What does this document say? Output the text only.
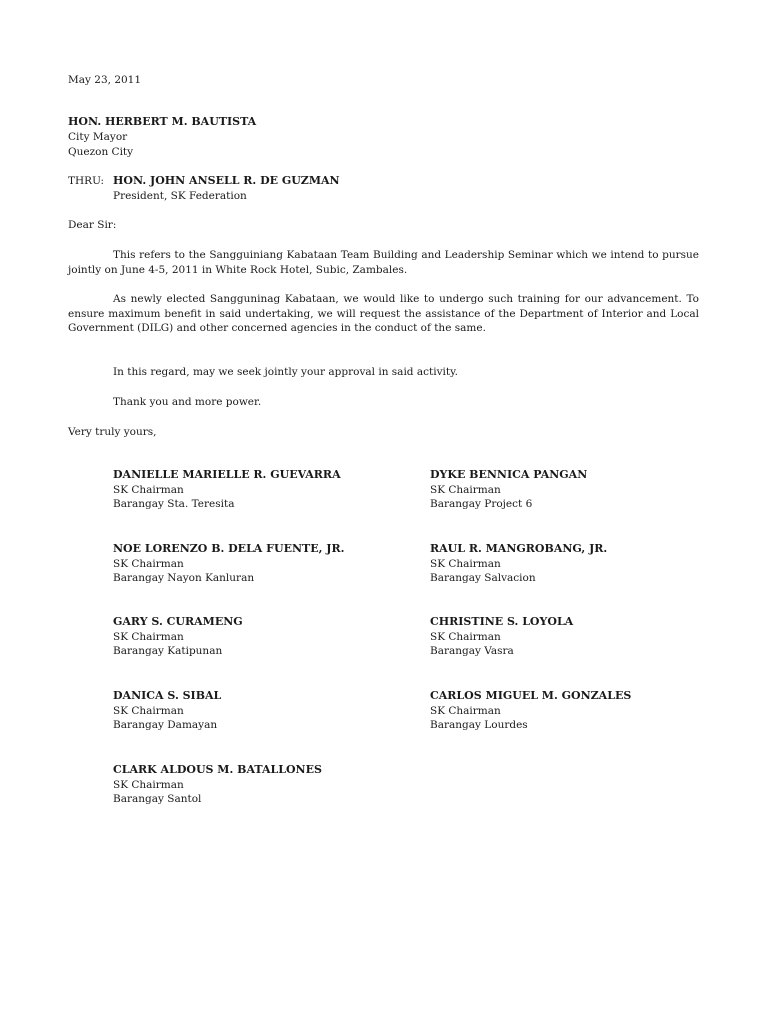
May 23, 2011
HON. HERBERT M. BAUTISTA
City Mayor
Quezon City
THRU: HON. JOHN ANSELL R. DE GUZMAN
President, SK Federation
Dear Sir:
This refers to the Sangguiniang Kabataan Team Building and Leadership Seminar which we intend to pursue jointly on June 4-5, 2011 in White Rock Hotel, Subic, Zambales.
As newly elected Sangguninag Kabataan, we would like to undergo such training for our advancement. To ensure maximum benefit in said undertaking, we will request the assistance of the Department of Interior and Local Government (DILG) and other concerned agencies in the conduct of the same.
In this regard, may we seek jointly your approval in said activity.
Thank you and more power.
Very truly yours,
DANIELLE MARIELLE R. GUEVARRA
SK Chairman
Barangay Sta. Teresita
DYKE BENNICA PANGAN
SK Chairman
Barangay Project 6
NOE LORENZO B. DELA FUENTE, JR.
SK Chairman
Barangay Nayon Kanluran
RAUL R. MANGROBANG, JR.
SK Chairman
Barangay Salvacion
GARY S. CURAMENG
SK Chairman
Barangay Katipunan
CHRISTINE S. LOYOLA
SK Chairman
Barangay Vasra
DANICA S. SIBAL
SK Chairman
Barangay Damayan
CARLOS MIGUEL M. GONZALES
SK Chairman
Barangay Lourdes
CLARK ALDOUS M. BATALLONES
SK Chairman
Barangay Santol
